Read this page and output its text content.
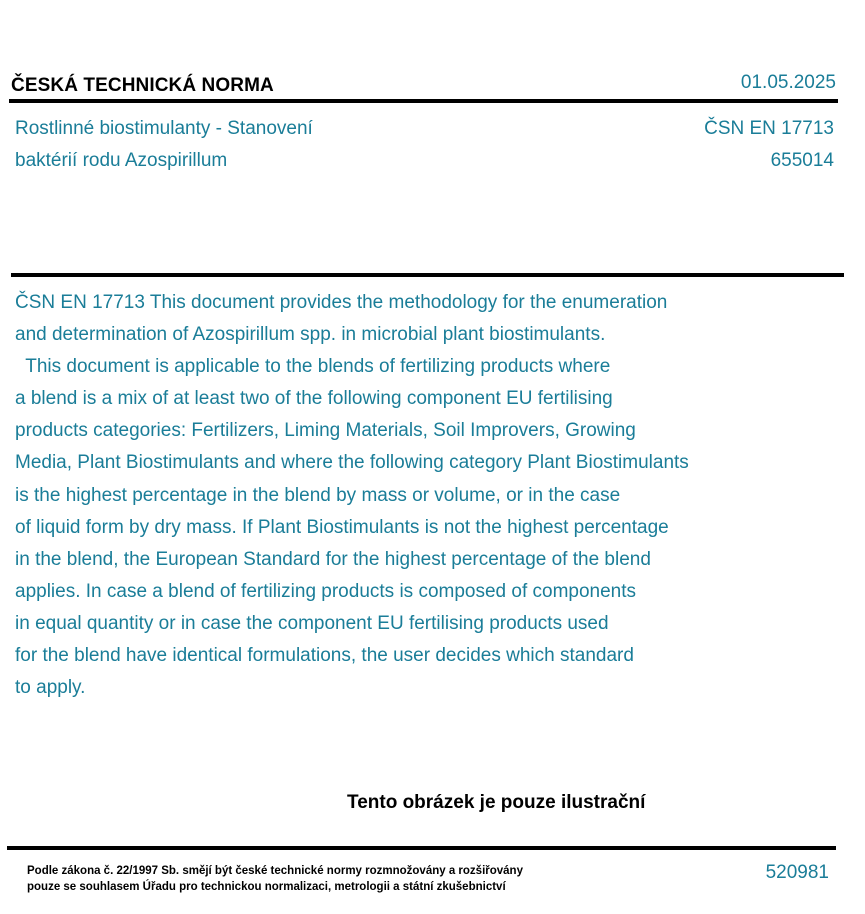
ČESKÁ TECHNICKÁ NORMA	01.05.2025
Rostlinné biostimulanty - Stanovení
baktérií rodu Azospirillum
ČSN EN 17713
655014
ČSN EN 17713 This document provides the methodology for the enumeration
and determination of Azospirillum spp. in microbial plant biostimulants.
This document is applicable to the blends of fertilizing products where
a blend is a mix of at least two of the following component EU fertilising
products categories: Fertilizers, Liming Materials, Soil Improvers, Growing
Media, Plant Biostimulants and where the following category Plant Biostimulants
is the highest percentage in the blend by mass or volume, or in the case
of liquid form by dry mass. If Plant Biostimulants is not the highest percentage
in the blend, the European Standard for the highest percentage of the blend
applies. In case a blend of fertilizing products is composed of components
in equal quantity or in case the component EU fertilising products used
for the blend have identical formulations, the user decides which standard
to apply.
Tento obrázek je pouze ilustrační
Podle zákona č. 22/1997 Sb. smějí být české technické normy rozmnožovány a rozšiřovány
pouze se souhlasem Úřadu pro technickou normalizaci, metrologii a státní zkušebnictví
520981
